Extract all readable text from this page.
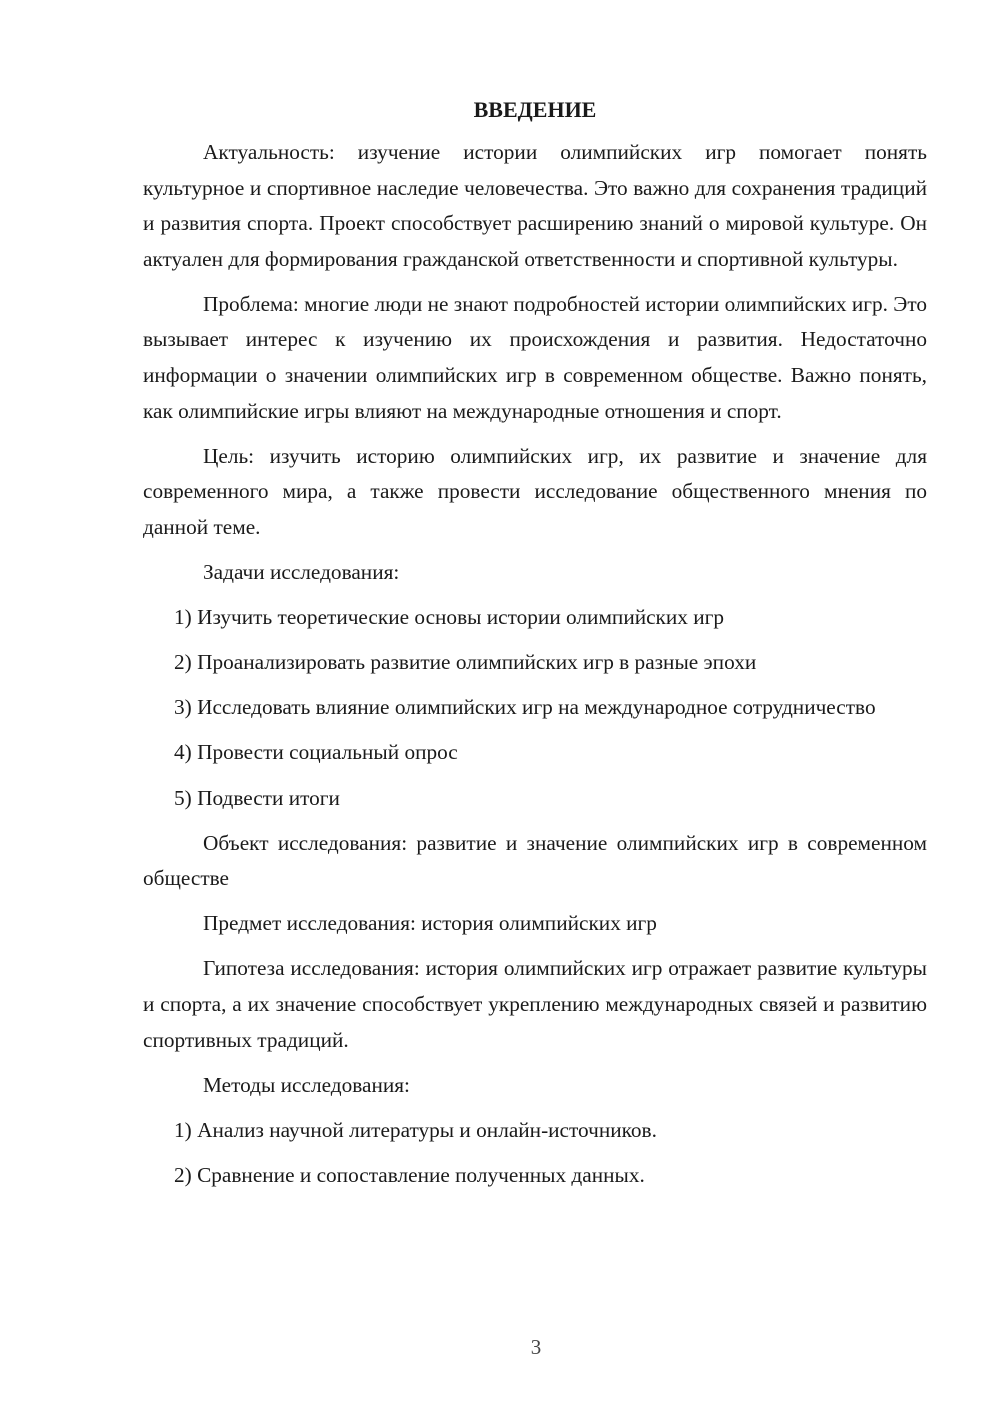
ВВЕДЕНИЕ

Актуальность: изучение истории олимпийских игр помогает понять культурное и спортивное наследие человечества. Это важно для сохранения традиций и развития спорта. Проект способствует расширению знаний о мировой культуре. Он актуален для формирования гражданской ответственности и спортивной культуры.

Проблема: многие люди не знают подробностей истории олимпийских игр. Это вызывает интерес к изучению их происхождения и развития. Недостаточно информации о значении олимпийских игр в современном обществе. Важно понять, как олимпийские игры влияют на международные отношения и спорт.

Цель: изучить историю олимпийских игр, их развитие и значение для современного мира, а также провести исследование общественного мнения по данной теме.

Задачи исследования:

1) Изучить теоретические основы истории олимпийских игр

2) Проанализировать развитие олимпийских игр в разные эпохи

3) Исследовать влияние олимпийских игр на международное сотрудничество

4) Провести социальный опрос

5) Подвести итоги

Объект исследования: развитие и значение олимпийских игр в современном обществе

Предмет исследования: история олимпийских игр

Гипотеза исследования: история олимпийских игр отражает развитие культуры и спорта, а их значение способствует укреплению международных связей и развитию спортивных традиций.

Методы исследования:

1) Анализ научной литературы и онлайн-источников.

2) Сравнение и сопоставление полученных данных.

3
